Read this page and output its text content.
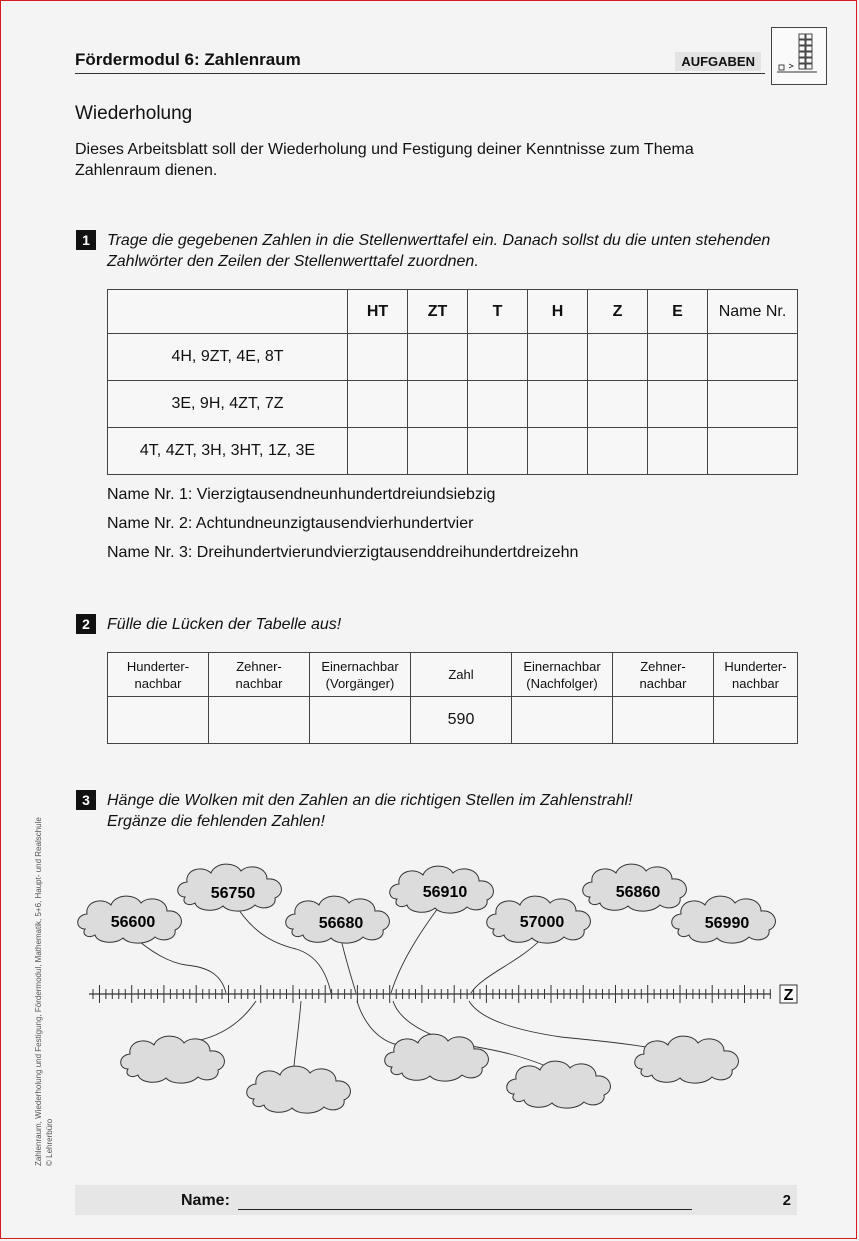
Fördermodul 6: Zahlenraum	AUFGABEN
Wiederholung
Dieses Arbeitsblatt soll der Wiederholung und Festigung deiner Kenntnisse zum Thema Zahlenraum dienen.
1	Trage die gegebenen Zahlen in die Stellenwerttafel ein. Danach sollst du die unten stehenden Zahlwörter den Zeilen der Stellenwerttafel zuordnen.
	HT	ZT	T	H	Z	E	Name Nr.
4H, 9ZT, 4E, 8T							
3E, 9H, 4ZT, 7Z							
4T, 4ZT, 3H, 3HT, 1Z, 3E							
Name Nr. 1: Vierzigtausendneunhundertdreiundsiebzig
Name Nr. 2: Achtundneunzigtausendvierhundertvier
Name Nr. 3: Dreihundertvierundvierzigtausenddreihundertdreizehn
2	Fülle die Lücken der Tabelle aus!
Hunderter-
nachbar	Zehner-
nachbar	Einernachbar
(Vorgänger)	Zahl	Einernachbar
(Nachfolger)	Zehner-
nachbar	Hunderter-
nachbar
			590			
3	Hänge die Wolken mit den Zahlen an die richtigen Stellen im Zahlenstrahl!
Ergänze die fehlenden Zahlen!
Z
56600
56750
56680
56910
57000
56860
56990
Zahlenraum, Wiederholung und Festigung, Fördermodul, Mathematik, 5+6, Haupt- und Realschule © Lehrerbüro
Name:	2
